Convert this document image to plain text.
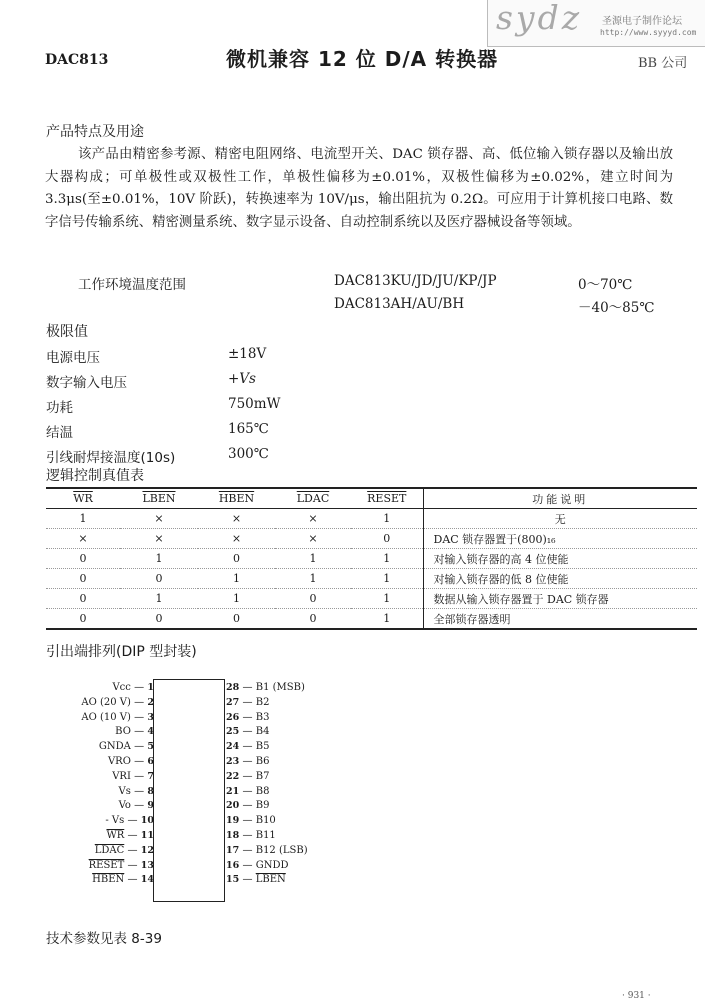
DAC813	微机兼容 12 位 D/A 转换器	BB 公司
sydz 圣源电子制作论坛
http://www.syyyd.com
产品特点及用途
该产品由精密参考源、精密电阻网络、电流型开关、DAC 锁存器、高、低位输入锁存器以及输出放大器构成；可单极性或双极性工作，单极性偏移为±0.01%，双极性偏移为±0.02%，建立时间为 3.3μs(至±0.01%，10V 阶跃)，转换速率为 10V/μs，输出阻抗为 0.2Ω。可应用于计算机接口电路、数字信号传输系统、精密测量系统、数字显示设备、自动控制系统以及医疗器械设备等领域。
工作环境温度范围	DAC813KU/JD/JU/KP/JP	0～70℃
DAC813AH/AU/BH	－40～85℃
极限值
电源电压	±18V
数字输入电压	+Vs
功耗	750mW
结温	165℃
引线耐焊接温度(10s)	300℃
逻辑控制真值表
$\overline{WR}$	LBEN	HBEN	LDAC	RESET	功能说明
1	×	×	×	1	无
×	×	×	×	0	DAC 锁存器置于(800)₁₆
0	1	0	1	1	对输入锁存器的高 4 位使能
0	0	1	1	1	对输入锁存器的低 8 位使能
0	1	1	0	1	数据从输入锁存器置于 DAC 锁存器
0	0	0	0	1	全部锁存器透明
引出端排列(DIP 型封装)
Vcc — 1
AO (20 V) — 2
AO (10 V) — 3
BO — 4
GNDA — 5
VRO — 6
VRI — 7
Vs — 8
Vo — 9
- Vs — 10
$\overline{WR}$ — 11
LDAC — 12
RESET — 13
HBEN — 14
28 — B1 (MSB)
27 — B2
26 — B3
25 — B4
24 — B5
23 — B6
22 — B7
21 — B8
20 — B9
19 — B10
18 — B11
17 — B12 (LSB)
16 — GNDD
15 — LBEN
技术参数见表 8-39
· 931 ·
